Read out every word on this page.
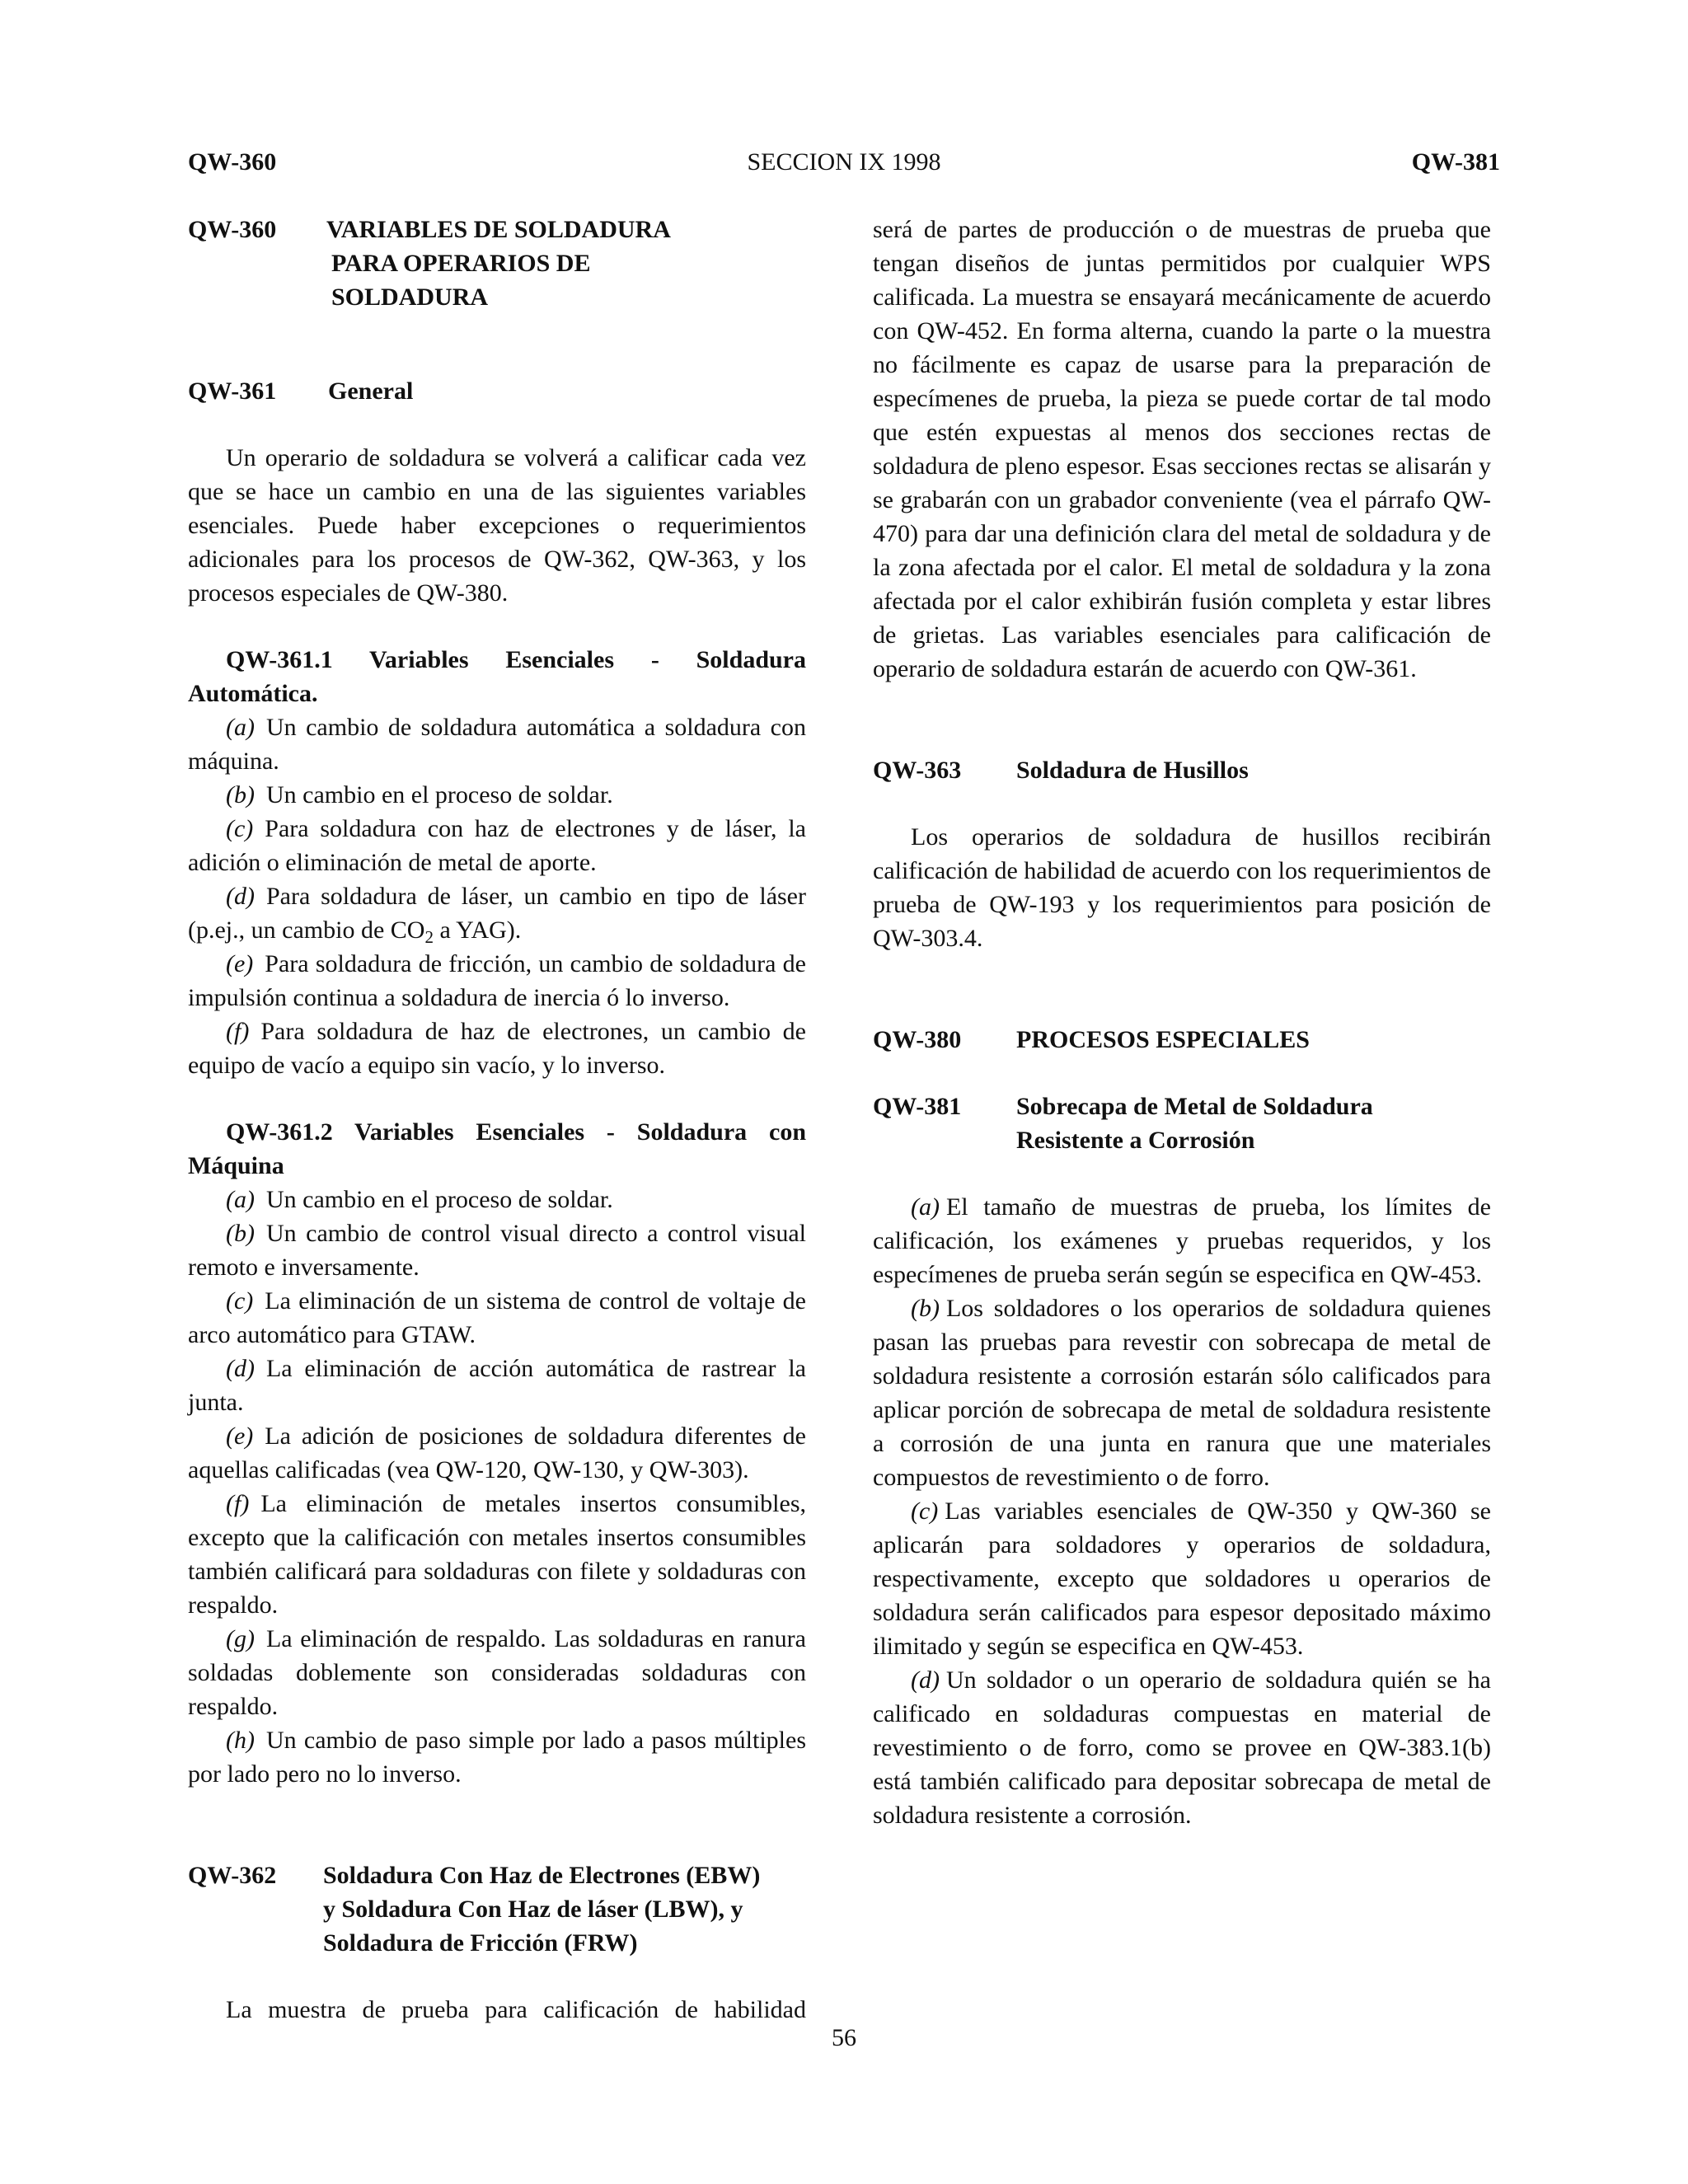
QW-360	SECCION IX 1998	QW-381
QW-360	VARIABLES DE SOLDADURA
PARA OPERARIOS DE
SOLDADURA
QW-361	General

Un operario de soldadura se volverá a calificar cada vez que se hace un cambio en una de las siguientes variables esenciales. Puede haber excepciones o requerimientos adicionales para los procesos de QW-362, QW-363, y los procesos especiales de QW-380.

QW-361.1 Variables Esenciales - Soldadura Automática.

(a) Un cambio de soldadura automática a soldadura con máquina.

(b) Un cambio en el proceso de soldar.

(c) Para soldadura con haz de electrones y de láser, la adición o eliminación de metal de aporte.

(d) Para soldadura de láser, un cambio en tipo de láser (p.ej., un cambio de $CO_2$ a YAG).

(e) Para soldadura de fricción, un cambio de soldadura de impulsión continua a soldadura de inercia ó lo inverso.

(f) Para soldadura de haz de electrones, un cambio de equipo de vacío a equipo sin vacío, y lo inverso.

QW-361.2 Variables Esenciales - Soldadura con Máquina

(a) Un cambio en el proceso de soldar.

(b) Un cambio de control visual directo a control visual remoto e inversamente.

(c) La eliminación de un sistema de control de voltaje de arco automático para GTAW.

(d) La eliminación de acción automática de rastrear la junta.

(e) La adición de posiciones de soldadura diferentes de aquellas calificadas (vea QW-120, QW-130, y QW-303).

(f) La eliminación de metales insertos consumibles, excepto que la calificación con metales insertos consumibles también calificará para soldaduras con filete y soldaduras con respaldo.

(g) La eliminación de respaldo. Las soldaduras en ranura soldadas doblemente son consideradas soldaduras con respaldo.

(h) Un cambio de paso simple por lado a pasos múltiples por lado pero no lo inverso.

QW-362	Soldadura Con Haz de Electrones (EBW)
y Soldadura Con Haz de láser (LBW), y
Soldadura de Fricción (FRW)

La muestra de prueba para calificación de habilidad

será de partes de producción o de muestras de prueba que tengan diseños de juntas permitidos por cualquier WPS calificada. La muestra se ensayará mecánicamente de acuerdo con QW-452. En forma alterna, cuando la parte o la muestra no fácilmente es capaz de usarse para la preparación de especímenes de prueba, la pieza se puede cortar de tal modo que estén expuestas al menos dos secciones rectas de soldadura de pleno espesor. Esas secciones rectas se alisarán y se grabarán con un grabador conveniente (vea el párrafo QW-470) para dar una definición clara del metal de soldadura y de la zona afectada por el calor. El metal de soldadura y la zona afectada por el calor exhibirán fusión completa y estar libres de grietas. Las variables esenciales para calificación de operario de soldadura estarán de acuerdo con QW-361.

QW-363	Soldadura de Husillos

Los operarios de soldadura de husillos recibirán calificación de habilidad de acuerdo con los requerimientos de prueba de QW-193 y los requerimientos para posición de QW-303.4.

QW-380	PROCESOS ESPECIALES
QW-381	Sobrecapa de Metal de Soldadura
Resistente a Corrosión

(a) El tamaño de muestras de prueba, los límites de calificación, los exámenes y pruebas requeridos, y los especímenes de prueba serán según se especifica en QW-453.

(b) Los soldadores o los operarios de soldadura quienes pasan las pruebas para revestir con sobrecapa de metal de soldadura resistente a corrosión estarán sólo calificados para aplicar porción de sobrecapa de metal de soldadura resistente a corrosión de una junta en ranura que une materiales compuestos de revestimiento o de forro.

(c) Las variables esenciales de QW-350 y QW-360 se aplicarán para soldadores y operarios de soldadura, respectivamente, excepto que soldadores u operarios de soldadura serán calificados para espesor depositado máximo ilimitado y según se especifica en QW-453.

(d) Un soldador o un operario de soldadura quién se ha calificado en soldaduras compuestas en material de revestimiento o de forro, como se provee en QW-383.1(b) está también calificado para depositar sobrecapa de metal de soldadura resistente a corrosión.

56
